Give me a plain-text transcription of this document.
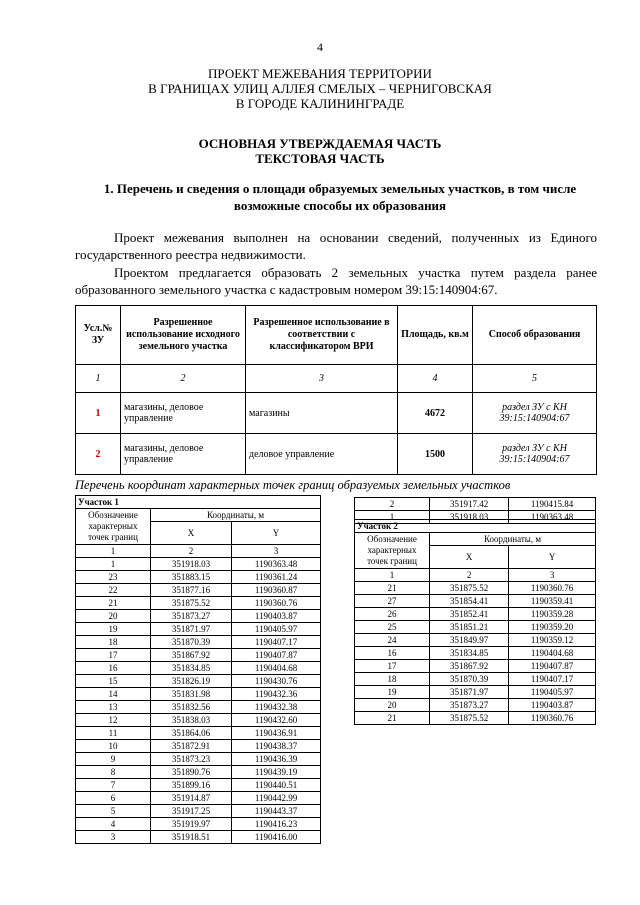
4
ПРОЕКТ МЕЖЕВАНИЯ ТЕРРИТОРИИ
В ГРАНИЦАХ УЛИЦ АЛЛЕЯ СМЕЛЫХ – ЧЕРНИГОВСКАЯ
В ГОРОДЕ КАЛИНИНГРАДЕ
ОСНОВНАЯ УТВЕРЖДАЕМАЯ ЧАСТЬ
ТЕКСТОВАЯ ЧАСТЬ
1. Перечень и сведения о площади образуемых земельных участков, в том числе возможные способы их образования
Проект межевания выполнен на основании сведений, полученных из Единого государственного реестра недвижимости.
Проектом предлагается образовать 2 земельных участка путем раздела ранее образованного земельного участка с кадастровым номером 39:15:140904:67.
Усл.№ ЗУ	Разрешенное использование исходного земельного участка	Разрешенное использование в соответствии с классификатором ВРИ	Площадь, кв.м	Способ образования
1	2	3	4	5
1	магазины, деловое управление	магазины	4672	раздел ЗУ с КН 39:15:140904:67
2	магазины, деловое управление	деловое управление	1500	раздел ЗУ с КН 39:15:140904:67
Перечень координат характерных точек границ образуемых земельных участков
Участок 1		
Обозначение характерных точек границ	Координаты, м	
	X	Y
1	2	3
1	351918.03	1190363.48
23	351883.15	1190361.24
22	351877.16	1190360.87
21	351875.52	1190360.76
20	351873.27	1190403.87
19	351871.97	1190405.97
18	351870.39	1190407.17
17	351867.92	1190407.87
16	351834.85	1190404.68
15	351826.19	1190430.76
14	351831.98	1190432.36
13	351832.56	1190432.38
12	351838.03	1190432.60
11	351864.06	1190436.91
10	351872.91	1190438.37
9	351873.23	1190436.39
8	351890.76	1190439.19
7	351899.16	1190440.51
6	351914.87	1190442.99
5	351917.25	1190443.37
4	351919.97	1190416.23
3	351918.51	1190416.00
2	351917.42	1190415.84
1	351918.03	1190363.48
Участок 2		
Обозначение характерных точек границ	Координаты, м	
	X	Y
1	2	3
21	351875.52	1190360.76
27	351854.41	1190359.41
26	351852.41	1190359.28
25	351851.21	1190359.20
24	351849.97	1190359.12
16	351834.85	1190404.68
17	351867.92	1190407.87
18	351870.39	1190407.17
19	351871.97	1190405.97
20	351873.27	1190403.87
21	351875.52	1190360.76
